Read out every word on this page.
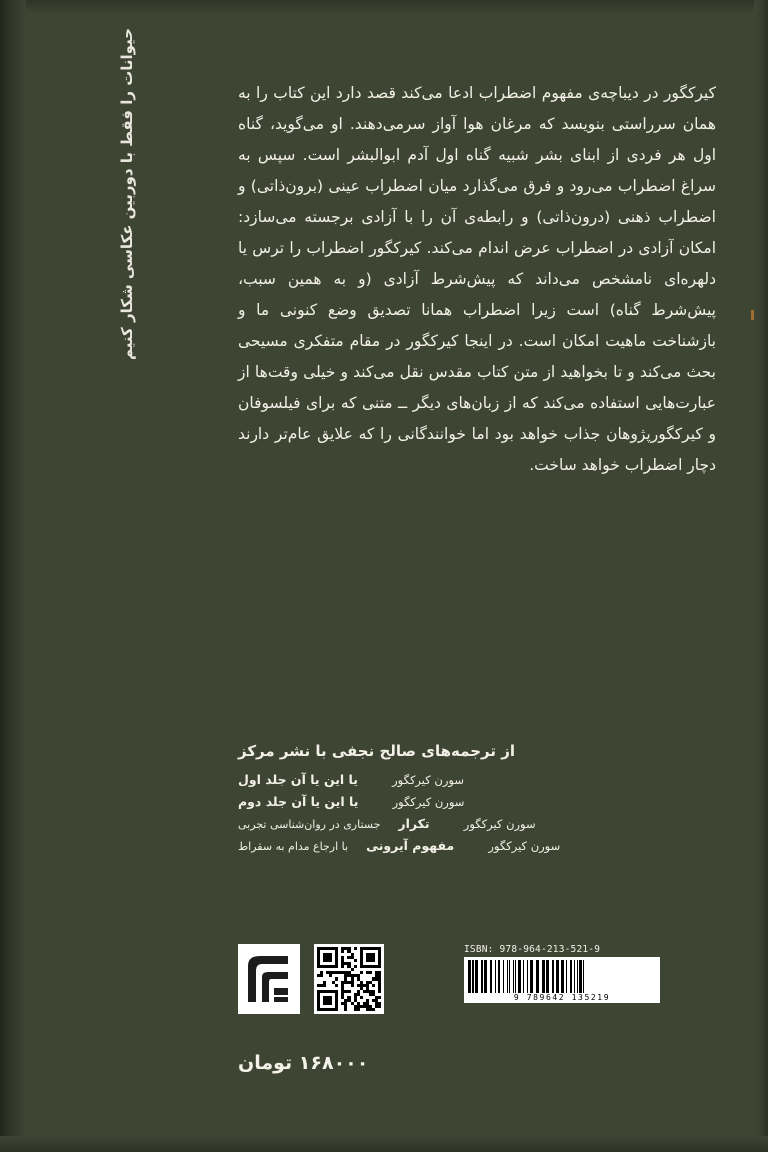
حیوانات را فقط با دوربین عکاسی شکار کنیم	کیرکگور در دیباچه‌ی مفهوم اضطراب ادعا می‌کند قصد دارد این کتاب را به همان سرراستی بنویسد که مرغان هوا آواز سرمی‌دهند. او می‌گوید، گناه اول هر فردی از ابنای بشر شبیه گناه اول آدم ابوالبشر است. سپس به سراغ اضطراب می‌رود و فرق می‌گذارد میان اضطراب عینی (برون‌ذاتی) و اضطراب ذهنی (درون‌ذاتی) و رابطه‌ی آن را با آزادی برجسته می‌سازد: امکان آزادی در اضطراب عرض اندام می‌کند. کیرکگور اضطراب را ترس یا دلهره‌ای نامشخص می‌داند که پیش‌شرط آزادی (و به همین سبب، پیش‌شرط گناه) است زیرا اضطراب همانا تصدیق وضع کنونی ما و بازشناخت ماهیت امکان است. در اینجا کیرکگور در مقام متفکری مسیحی بحث می‌کند و تا بخواهید از متن کتاب مقدس نقل می‌کند و خیلی وقت‌ها از عبارت‌هایی استفاده می‌کند که از زبان‌های دیگر ــ متنی که برای فیلسوفان و کیرکگورپژوهان جذاب خواهد بود اما خوانندگانی را که علایق عام‌تر دارند دچار اضطراب خواهد ساخت.
از ترجمه‌های صالح نجفی با نشر مرکز
سورن کیرکگور
یا این یا آن جلد اول
سورن کیرکگور
یا این یا آن جلد دوم
سورن کیرکگور
تکرار
جستاری در روان‌شناسی تجربی
سورن کیرکگور
مفهوم آیرونی
با ارجاع مدام به سقراط
ISBN: 978-964-213-521-9
9 789642 135219
۱۶۸۰۰۰ تومان
